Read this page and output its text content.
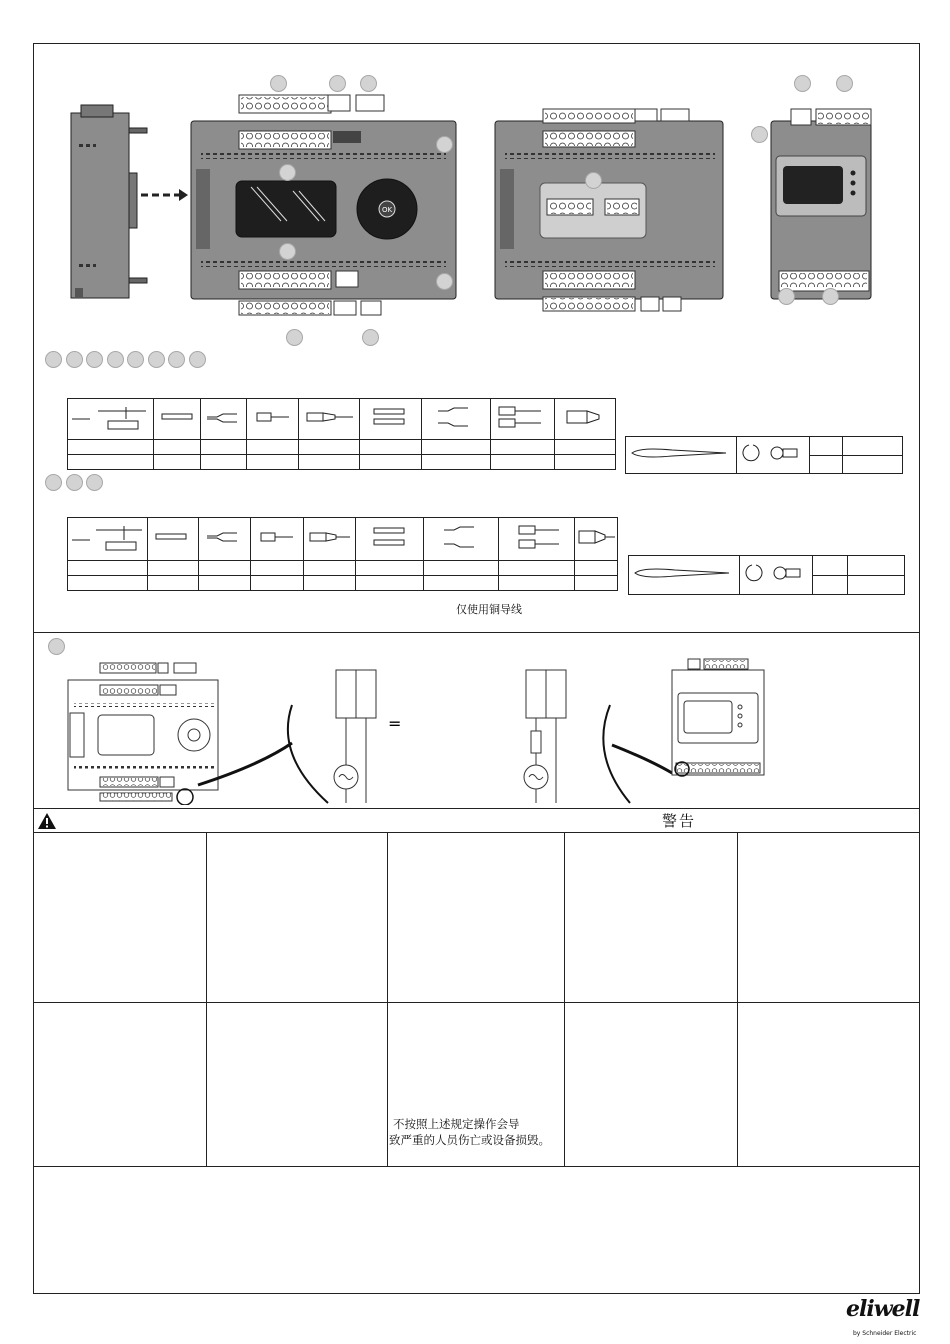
OK

仅使用铜导线
=
警告
不按照上述规定操作会导
致严重的人员伤亡或设备损毁。
eliwell
by Schneider Electric
